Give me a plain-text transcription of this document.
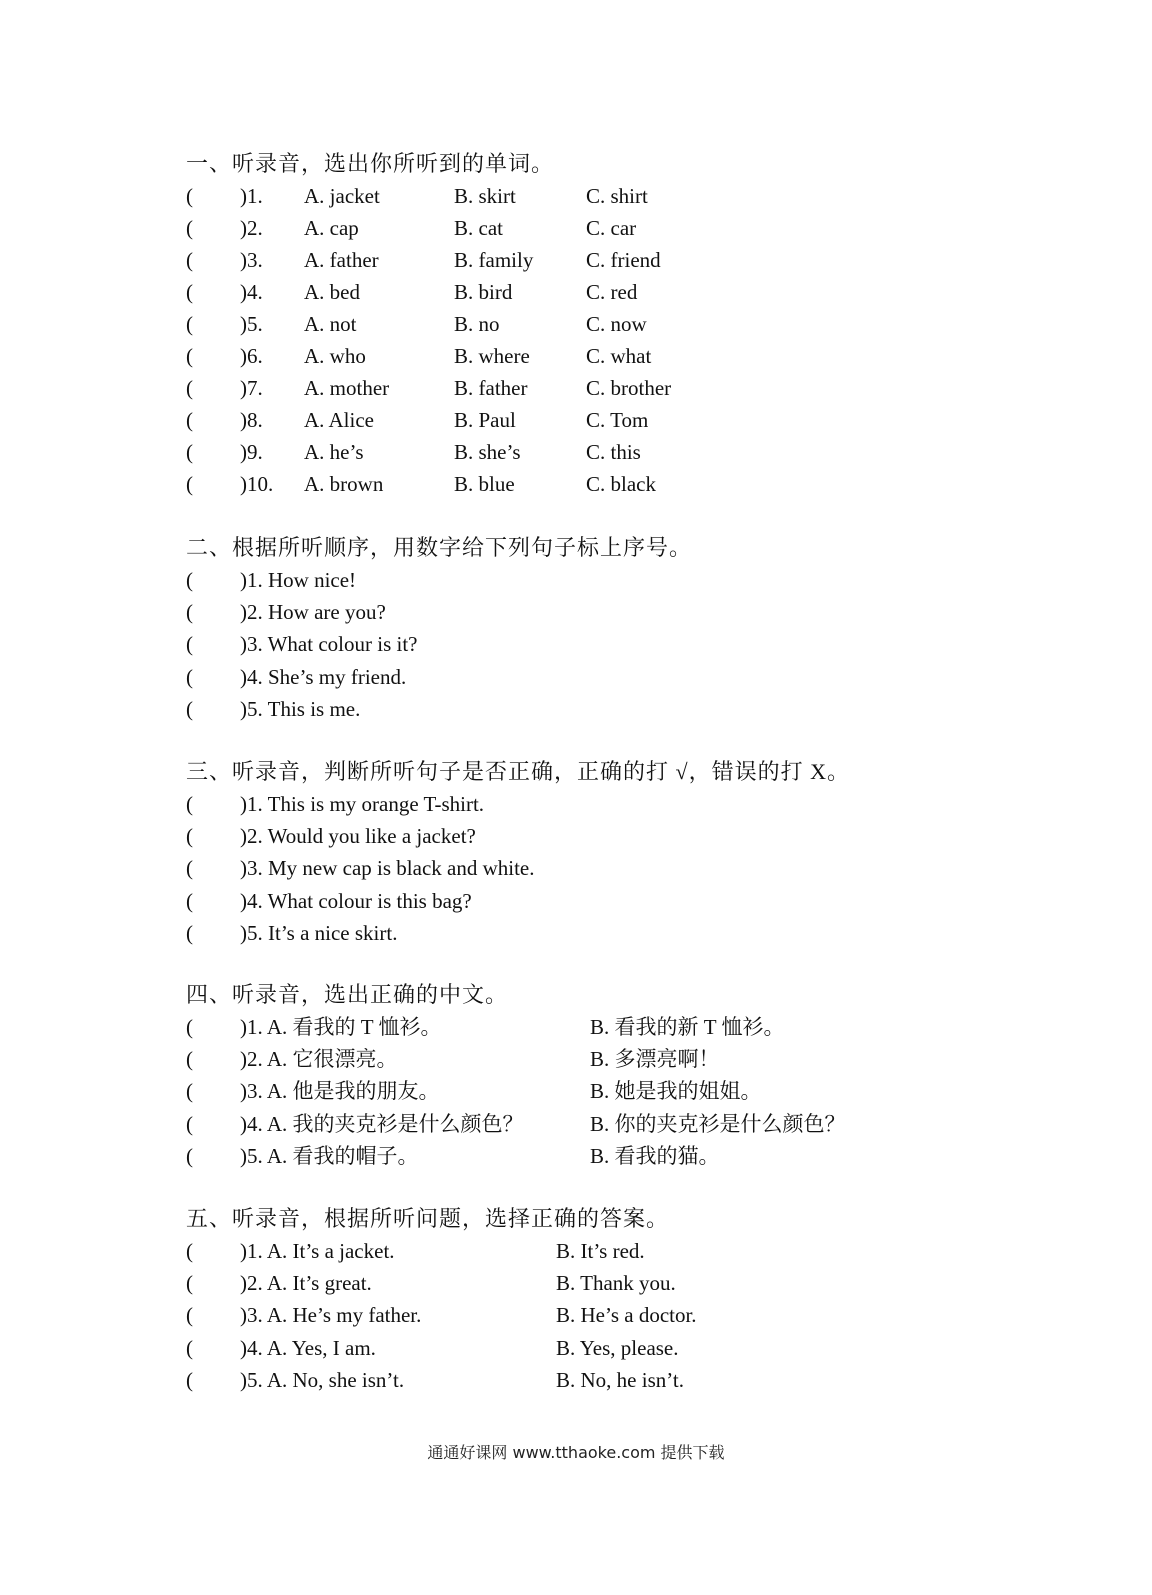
一、听录音，选出你所听到的单词。
( )1. A. jacket	B. skirt	C. shirt
( )2. A. cap	B. cat	C. car
( )3. A. father	B. family	C. friend
( )4. A. bed	B. bird	C. red
( )5. A. not	B. no	C. now
( )6. A. who	B. where	C. what
( )7. A. mother	B. father	C. brother
( )8. A. Alice	B. Paul	C. Tom
( )9. A. he’s	B. she’s	C. this
( )10. A. brown	B. blue	C. black
二、根据所听顺序，用数字给下列句子标上序号。
( )1. How nice!
( )2. How are you?
( )3. What colour is it?
( )4. She’s my friend.
( )5. This is me.
三、听录音，判断所听句子是否正确，正确的打 √，错误的打 X。
( )1. This is my orange T-shirt.
( )2. Would you like a jacket?
( )3. My new cap is black and white.
( )4. What colour is this bag?
( )5. It’s a nice skirt.
四、听录音，选出正确的中文。
( )1. A. 看我的 T 恤衫。	B. 看我的新 T 恤衫。
( )2. A. 它很漂亮。	B. 多漂亮啊！
( )3. A. 他是我的朋友。	B. 她是我的姐姐。
( )4. A. 我的夹克衫是什么颜色？	B. 你的夹克衫是什么颜色？
( )5. A. 看我的帽子。	B. 看我的猫。
五、听录音，根据所听问题，选择正确的答案。
( )1. A. It’s a jacket.	B. It’s red.
( )2. A. It’s great.	B. Thank you.
( )3. A. He’s my father.	B. He’s a doctor.
( )4. A. Yes, I am.	B. Yes, please.
( )5. A. No, she isn’t.	B. No, he isn’t.
通通好课网 www.tthaoke.com 提供下载
